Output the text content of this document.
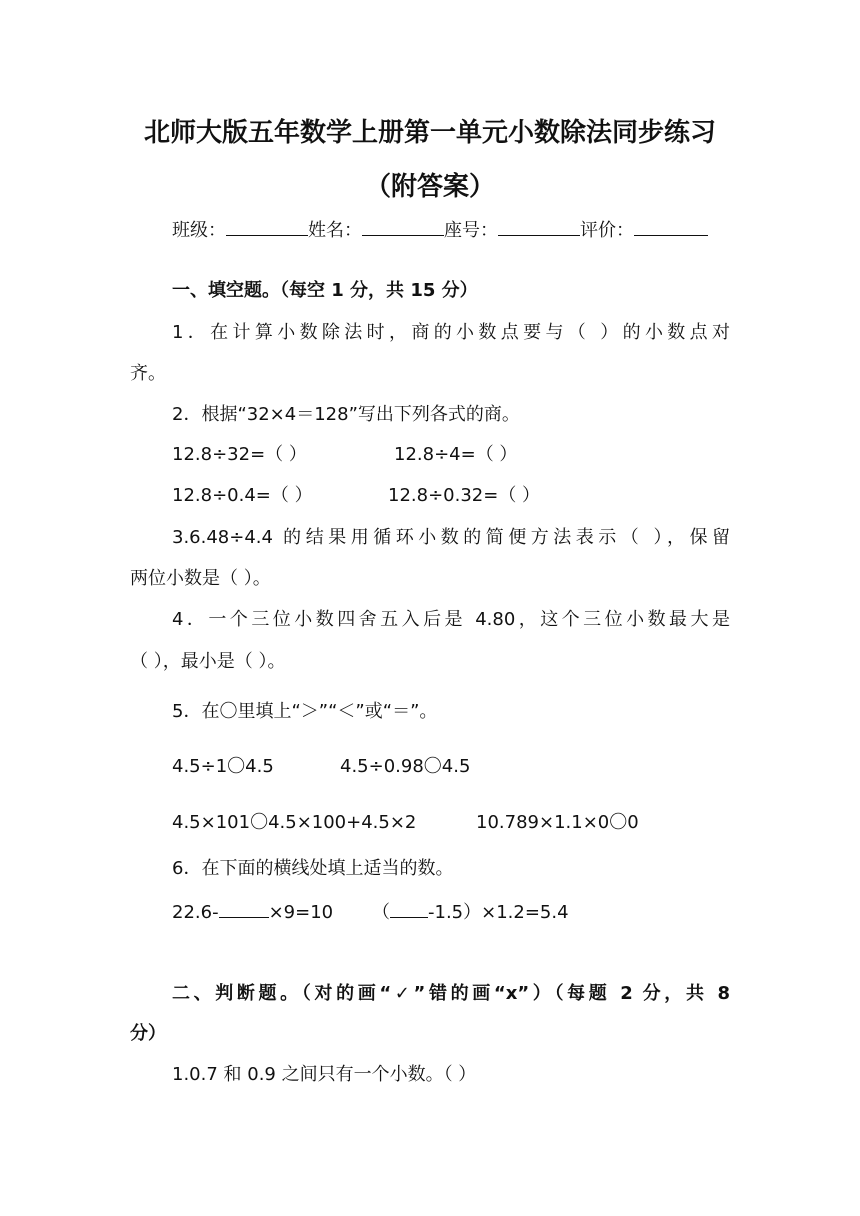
北师大版五年数学上册第一单元小数除法同步练习
（附答案）
班级：	姓名：	座号：	评价：
一、填空题。（每空 1 分，共 15 分）
1．在计算小数除法时，商的小数点要与（ ）的小数点对
齐。
2．根据“32×4＝128”写出下列各式的商。
12.8÷32=（ ）	12.8÷4=（ ）
12.8÷0.4=（ ）	12.8÷0.32=（ ）
3.6.48÷4.4 的结果用循环小数的简便方法表示（ ），保留
两位小数是（ ）。
4．一个三位小数四舍五入后是 4.80，这个三位小数最大是
（ ），最小是（ ）。
5．在〇里填上“＞”“＜”或“＝”。
4.5÷1〇4.5	4.5÷0.98〇4.5
4.5×101〇4.5×100+4.5×2	10.789×1.1×0〇0
6．在下面的横线处填上适当的数。
22.6-	×9=10 （ -1.5）×1.2=5.4
二、判断题。（对的画“✓”错的画“x”）（每题 2 分，共 8
分）
1.0.7 和 0.9 之间只有一个小数。（ ）
